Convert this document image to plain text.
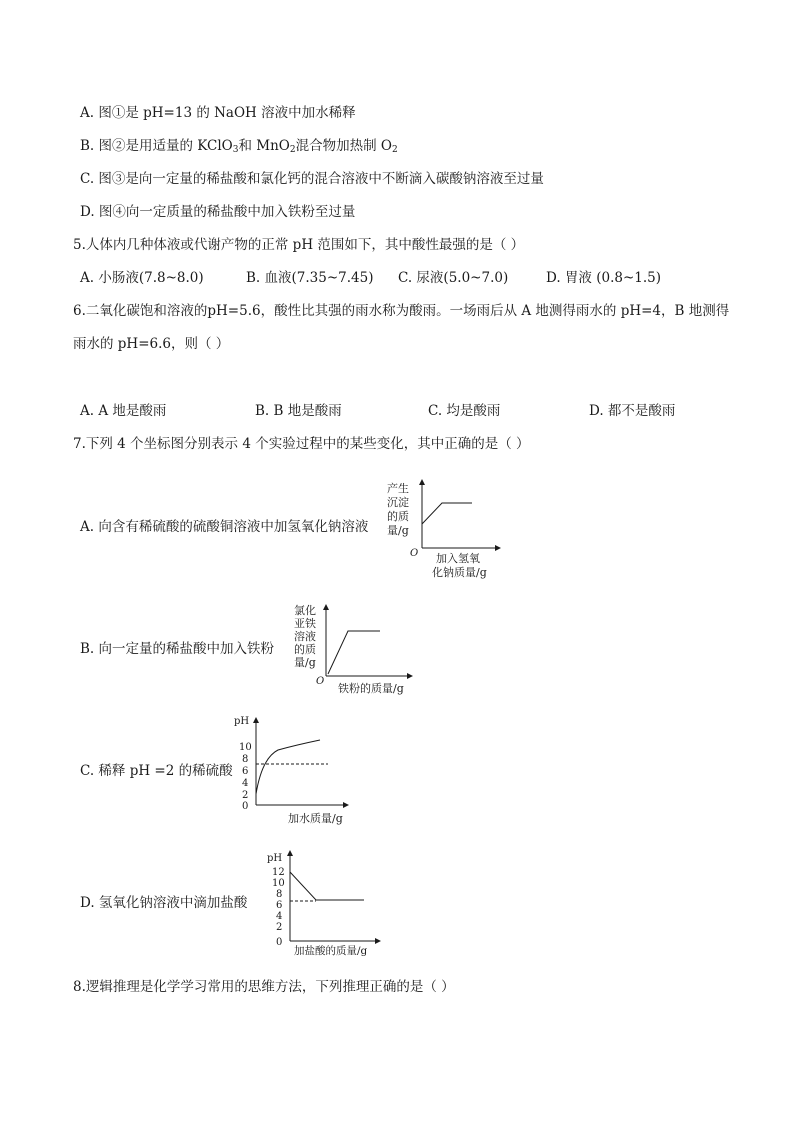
A. 图①是 pH=13 的 NaOH 溶液中加水稀释
B. 图②是用适量的 KClO$_3$和 MnO$_2$混合物加热制 $O_2$
C. 图③是向一定量的稀盐酸和氯化钙的混合溶液中不断滴入碳酸钠溶液至过量
D. 图④向一定质量的稀盐酸中加入铁粉至过量
5.人体内几种体液或代谢产物的正常 pH 范围如下，其中酸性最强的是（ ）
A. 小肠液(7.8~8.0)	B. 血液(7.35~7.45) C. 尿液(5.0~7.0)	D. 胃液 (0.8~1.5)
6.二氧化碳饱和溶液的pH=5.6，酸性比其强的雨水称为酸雨。一场雨后从 A 地测得雨水的 pH=4，B 地测得
雨水的 pH=6.6，则（ ）
A. A 地是酸雨	B. B 地是酸雨	C. 均是酸雨	D. 都不是酸雨
7.下列 4 个坐标图分别表示 4 个实验过程中的某些变化，其中正确的是（ ）
A. 向含有稀硫酸的硫酸铜溶液中加氢氧化钠溶液
产生
沉淀
的质
量/g
O 加入氢氧
化钠质量/g
B. 向一定量的稀盐酸中加入铁粉
氯化
亚铁
溶液
的质
量/g
O
铁粉的质量/g
C. 稀释 pH =2 的稀硫酸
pH
10
8
6
4
2
0
加水质量/g
D. 氢氧化钠溶液中滴加盐酸
pH
12
10
8
6
4
2
0
加盐酸的质量/g
8.逻辑推理是化学学习常用的思维方法，下列推理正确的是（ ）
